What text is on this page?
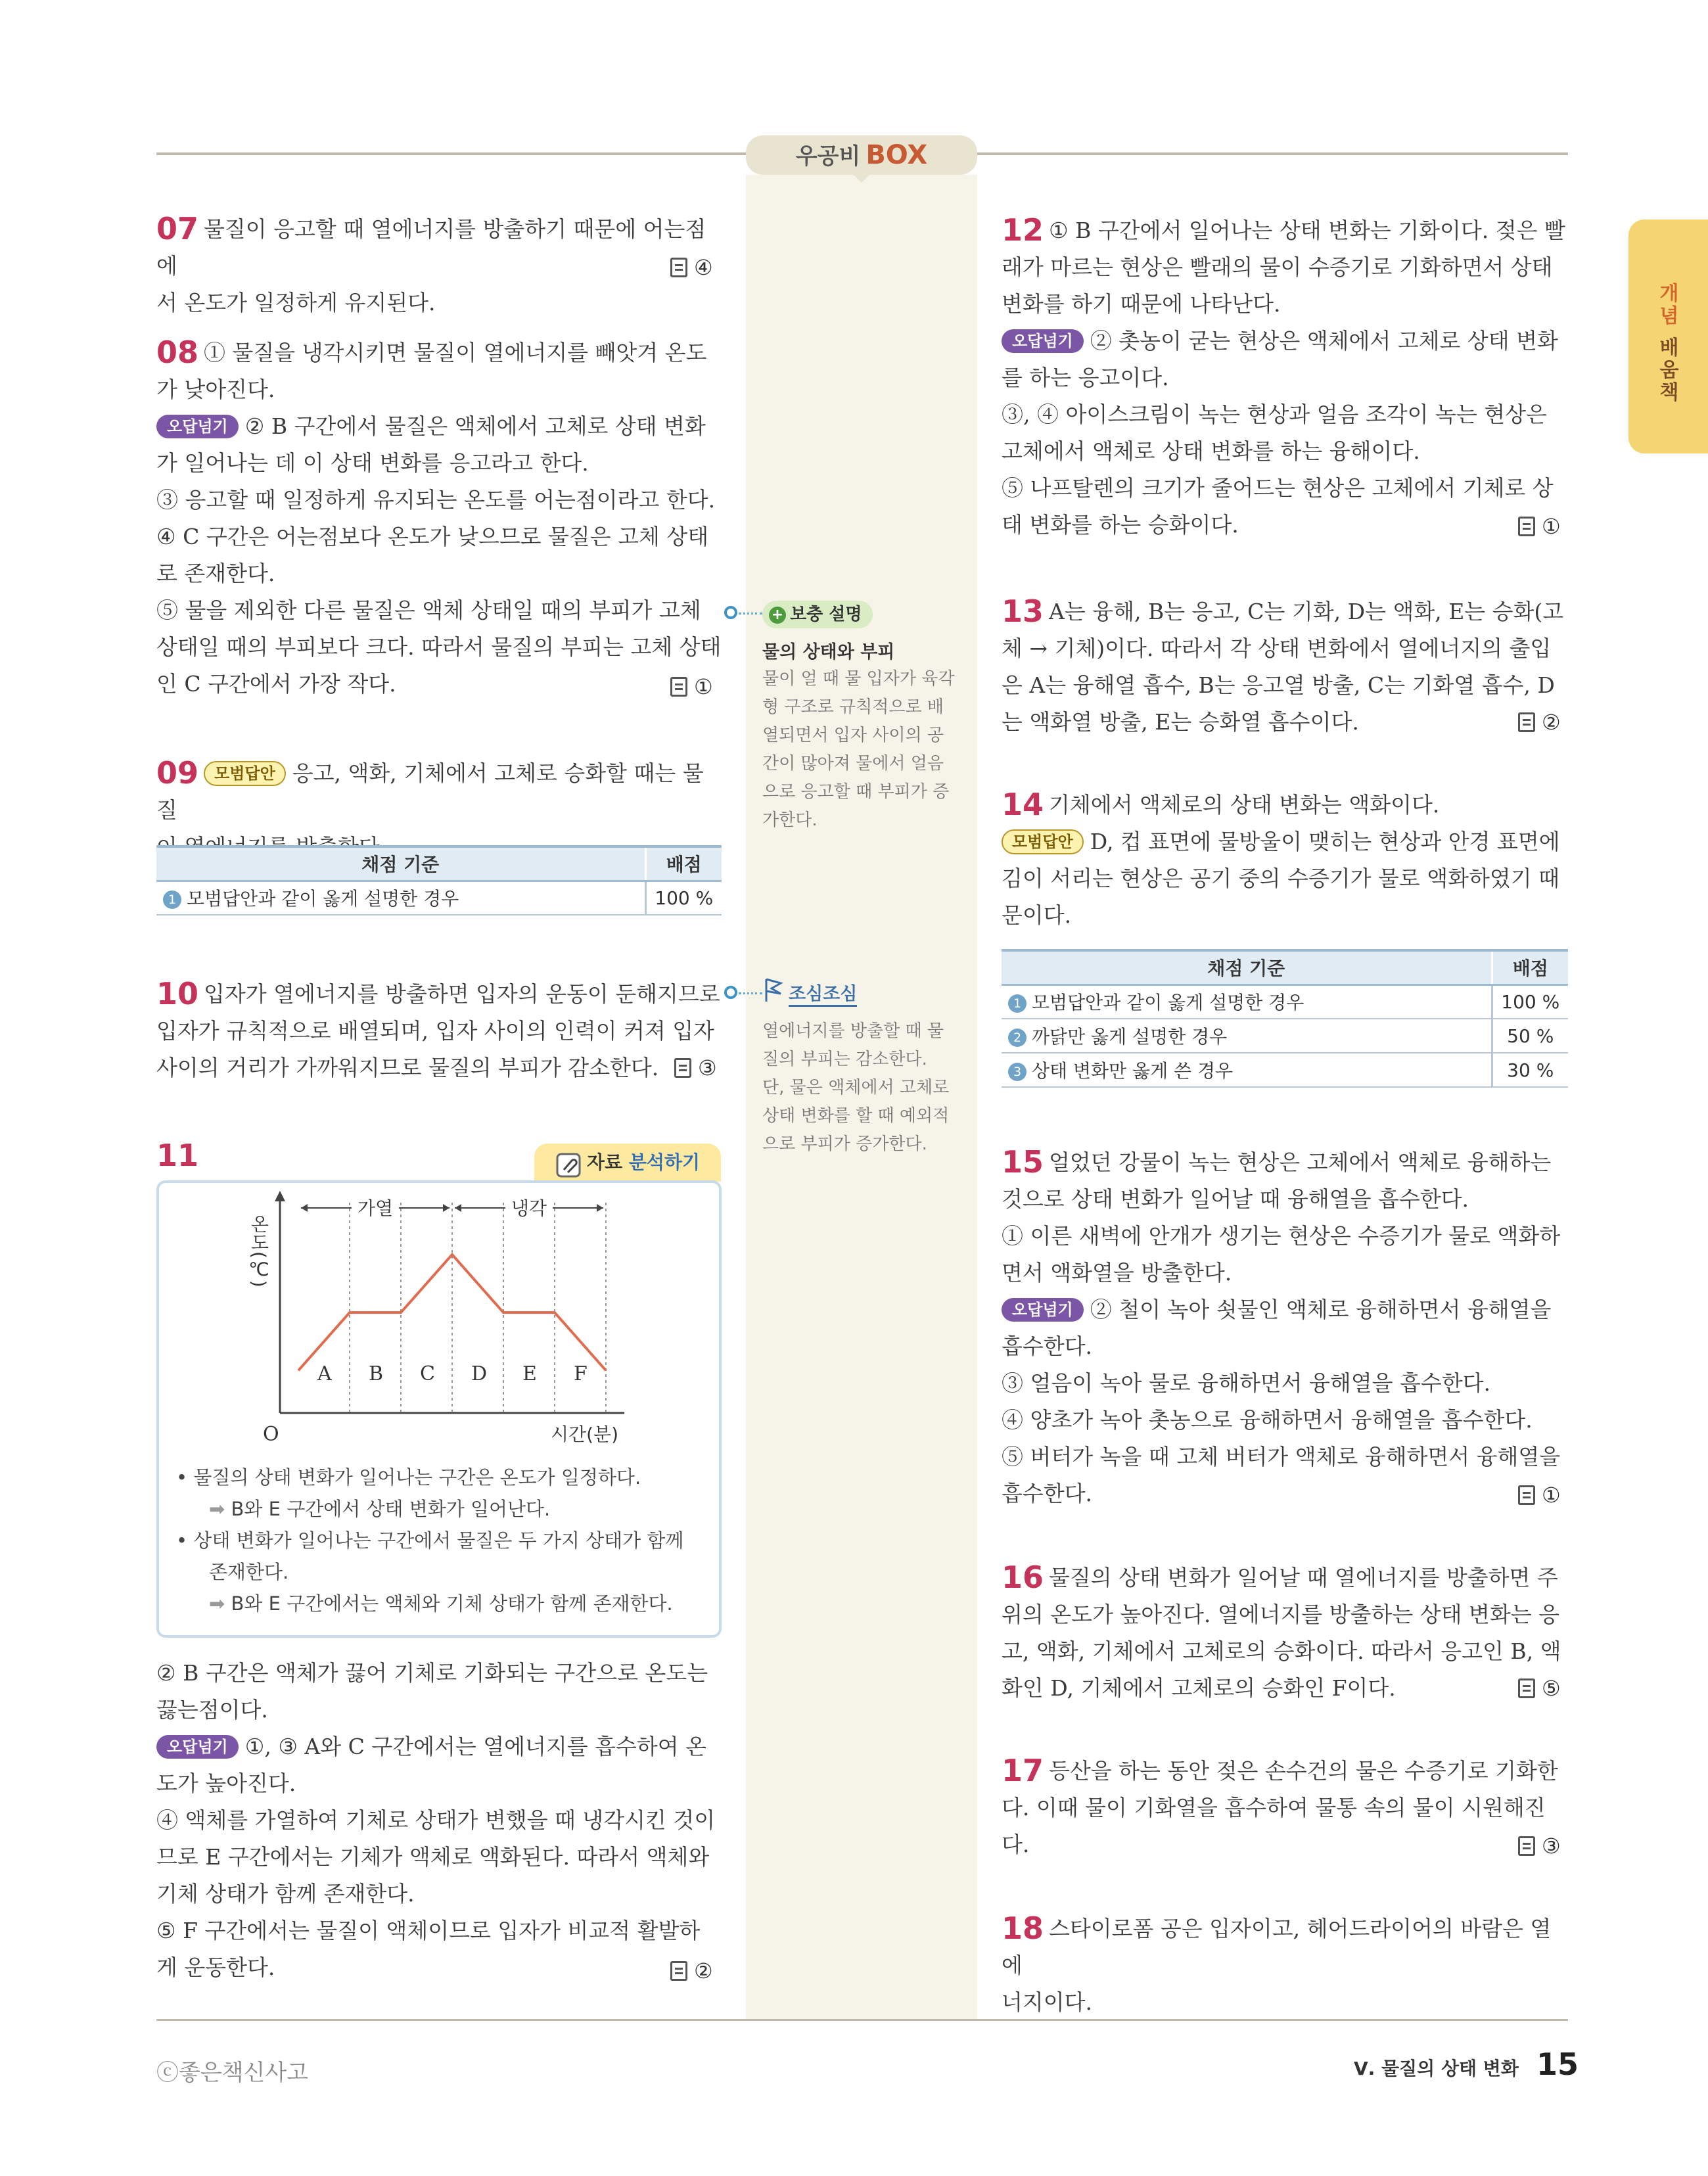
우공비 BOX
개념 배움책
07 물질이 응고할 때 열에너지를 방출하기 때문에 어는점에
서 온도가 일정하게 유지된다.
④
08 ① 물질을 냉각시키면 물질이 열에너지를 빼앗겨 온도
가 낮아진다.
오답넘기 ② B 구간에서 물질은 액체에서 고체로 상태 변화
가 일어나는 데 이 상태 변화를 응고라고 한다.
③ 응고할 때 일정하게 유지되는 온도를 어는점이라고 한다.
④ C 구간은 어는점보다 온도가 낮으므로 물질은 고체 상태
로 존재한다.
⑤ 물을 제외한 다른 물질은 액체 상태일 때의 부피가 고체
상태일 때의 부피보다 크다. 따라서 물질의 부피는 고체 상태
인 C 구간에서 가장 작다.	①
09 모범답안 응고, 액화, 기체에서 고체로 승화할 때는 물질
채점 기준	배점
1 모범답안과 같이 옳게 설명한 경우	100 %
10 입자가 열에너지를 방출하면 입자의 운동이 둔해지므로
입자가 규칙적으로 배열되며, 입자 사이의 인력이 커져 입자
사이의 거리가 가까워지므로 물질의 부피가 감소한다.	③
+ 보충 설명
물의 상태와 부피
물이 얼 때 물 입자가 육각
형 구조로 규칙적으로 배
열되면서 입자 사이의 공
간이 많아져 물에서 얼음
으로 응고할 때 부피가 증
가한다.
조심조심
열에너지를 방출할 때 물
질의 부피는 감소한다.
단, 물은 액체에서 고체로
상태 변화를 할 때 예외적
으로 부피가 증가한다.
11	자료 분석하기
온도(℃)
O	시간(분)
가열	냉각
A B C D E F
• 물질의 상태 변화가 일어나는 구간은 온도가 일정하다.
➡ B와 E 구간에서 상태 변화가 일어난다.
• 상태 변화가 일어나는 구간에서 물질은 두 가지 상태가 함께
존재한다.
➡ B와 E 구간에서는 액체와 기체 상태가 함께 존재한다.
② B 구간은 액체가 끓어 기체로 기화되는 구간으로 온도는
끓는점이다.
오답넘기 ①, ③ A와 C 구간에서는 열에너지를 흡수하여 온
도가 높아진다.
④ 액체를 가열하여 기체로 상태가 변했을 때 냉각시킨 것이
므로 E 구간에서는 기체가 액체로 액화된다. 따라서 액체와
기체 상태가 함께 존재한다.
⑤ F 구간에서는 물질이 액체이므로 입자가 비교적 활발하
게 운동한다.	②
12 ① B 구간에서 일어나는 상태 변화는 기화이다. 젖은 빨
래가 마르는 현상은 빨래의 물이 수증기로 기화하면서 상태
변화를 하기 때문에 나타난다.
오답넘기 ② 촛농이 굳는 현상은 액체에서 고체로 상태 변화
를 하는 응고이다.
③, ④ 아이스크림이 녹는 현상과 얼음 조각이 녹는 현상은
고체에서 액체로 상태 변화를 하는 융해이다.
⑤ 나프탈렌의 크기가 줄어드는 현상은 고체에서 기체로 상
태 변화를 하는 승화이다.	①
13 A는 융해, B는 응고, C는 기화, D는 액화, E는 승화(고
체 → 기체)이다. 따라서 각 상태 변화에서 열에너지의 출입
은 A는 융해열 흡수, B는 응고열 방출, C는 기화열 흡수, D
는 액화열 방출, E는 승화열 흡수이다.	②
14 기체에서 액체로의 상태 변화는 액화이다.
모범답안 D, 컵 표면에 물방울이 맺히는 현상과 안경 표면에
김이 서리는 현상은 공기 중의 수증기가 물로 액화하였기 때
문이다.
채점 기준	배점
1 모범답안과 같이 옳게 설명한 경우	100 %
2 까닭만 옳게 설명한 경우	50 %
3 상태 변화만 옳게 쓴 경우	30 %
15 얼었던 강물이 녹는 현상은 고체에서 액체로 융해하는
것으로 상태 변화가 일어날 때 융해열을 흡수한다.
① 이른 새벽에 안개가 생기는 현상은 수증기가 물로 액화하
면서 액화열을 방출한다.
오답넘기 ② 철이 녹아 쇳물인 액체로 융해하면서 융해열을
흡수한다.
③ 얼음이 녹아 물로 융해하면서 융해열을 흡수한다.
④ 양초가 녹아 촛농으로 융해하면서 융해열을 흡수한다.
⑤ 버터가 녹을 때 고체 버터가 액체로 융해하면서 융해열을
흡수한다.	①
16 물질의 상태 변화가 일어날 때 열에너지를 방출하면 주
위의 온도가 높아진다. 열에너지를 방출하는 상태 변화는 응
고, 액화, 기체에서 고체로의 승화이다. 따라서 응고인 B, 액
화인 D, 기체에서 고체로의 승화인 F이다.	⑤
17 등산을 하는 동안 젖은 손수건의 물은 수증기로 기화한
다. 이때 물이 기화열을 흡수하여 물통 속의 물이 시원해진다.	③
18 스타이로폼 공은 입자이고, 헤어드라이어의 바람은 열에
너지이다.
ⓒ좋은책신사고	Ⅴ. 물질의 상태 변화 15
